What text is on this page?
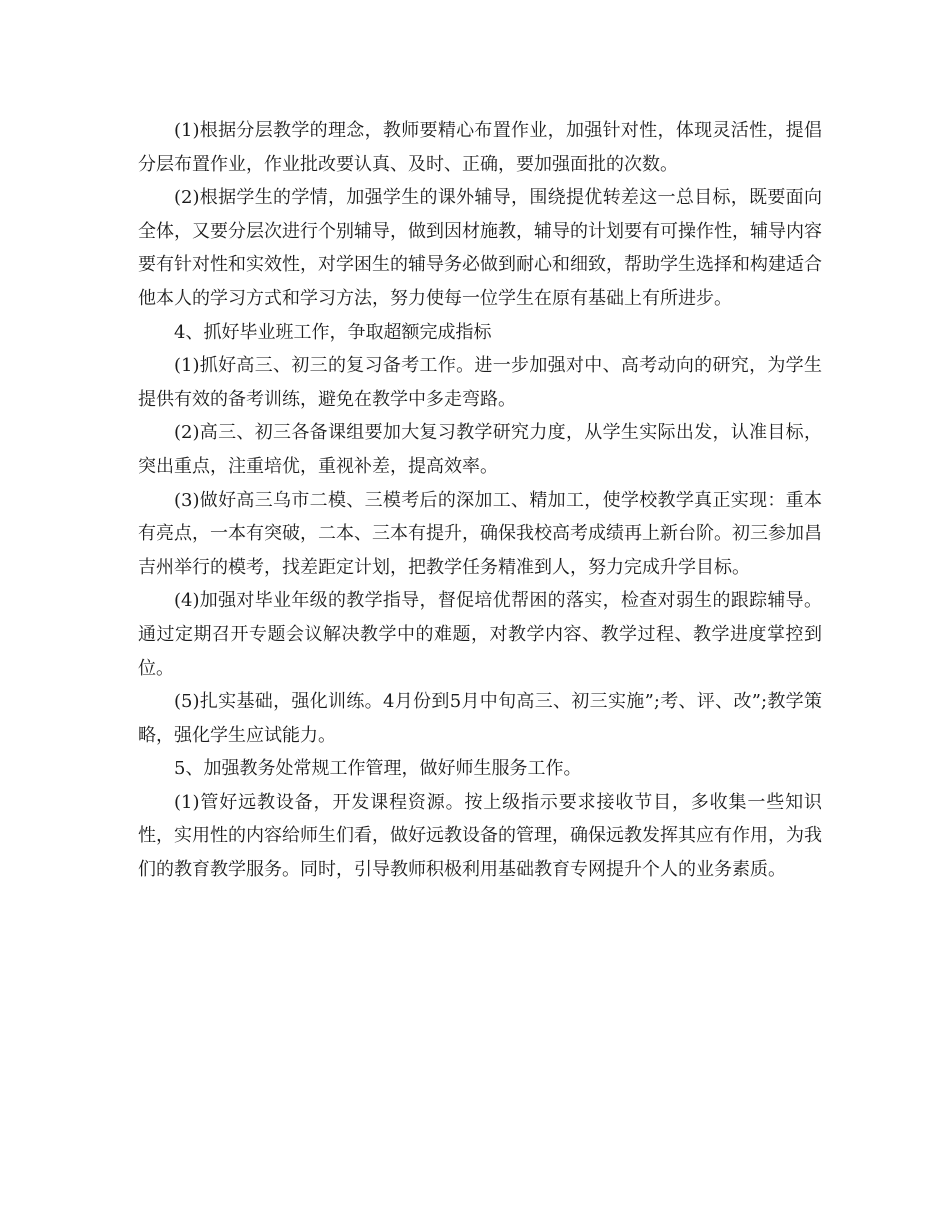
(1)根据分层教学的理念，教师要精心布置作业，加强针对性，体现灵活性，提倡分层布置作业，作业批改要认真、及时、正确，要加强面批的次数。

(2)根据学生的学情，加强学生的课外辅导，围绕提优转差这一总目标，既要面向全体，又要分层次进行个别辅导，做到因材施教，辅导的计划要有可操作性，辅导内容要有针对性和实效性，对学困生的辅导务必做到耐心和细致，帮助学生选择和构建适合他本人的学习方式和学习方法，努力使每一位学生在原有基础上有所进步。

4、抓好毕业班工作，争取超额完成指标

(1)抓好高三、初三的复习备考工作。进一步加强对中、高考动向的研究，为学生提供有效的备考训练，避免在教学中多走弯路。

(2)高三、初三各备课组要加大复习教学研究力度，从学生实际出发，认准目标，突出重点，注重培优，重视补差，提高效率。

(3)做好高三乌市二模、三模考后的深加工、精加工，使学校教学真正实现：重本有亮点，一本有突破，二本、三本有提升，确保我校高考成绩再上新台阶。初三参加昌吉州举行的模考，找差距定计划，把教学任务精准到人，努力完成升学目标。

(4)加强对毕业年级的教学指导，督促培优帮困的落实，检查对弱生的跟踪辅导。通过定期召开专题会议解决教学中的难题，对教学内容、教学过程、教学进度掌控到位。

(5)扎实基础，强化训练。4月份到5月中旬高三、初三实施”;考、评、改”;教学策略，强化学生应试能力。

5、加强教务处常规工作管理，做好师生服务工作。

(1)管好远教设备，开发课程资源。按上级指示要求接收节目，多收集一些知识性，实用性的内容给师生们看，做好远教设备的管理，确保远教发挥其应有作用，为我们的教育教学服务。同时，引导教师积极利用基础教育专网提升个人的业务素质。
